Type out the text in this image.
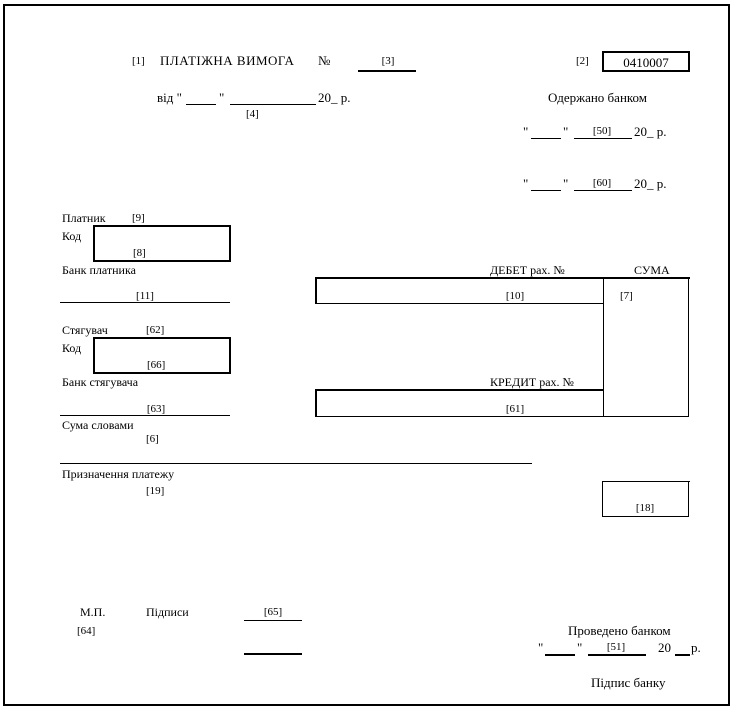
[1] ПЛАТІЖНА ВИМОГА №	[3]	[2]	0410007
від "	"	20_ р.
[4]
Одержано банком
"	"	[50]	20_ р.
"	"	[60]	20_ р.
Платник [9]
Код
[8]
Банк платника
[11]
ДЕБЕТ рах. №	СУМА
[10]	[7]
Стягувач	[62]
Код
[66]
Банк стягувача
[63]
КРЕДИТ рах. №
[61]
Сума словами
[6]
Призначення платежу
[19]
[18]
М.П.
[64]
Підписи	[65]
Проведено банком
"	"	[51]	20 р.
Підпис банку
